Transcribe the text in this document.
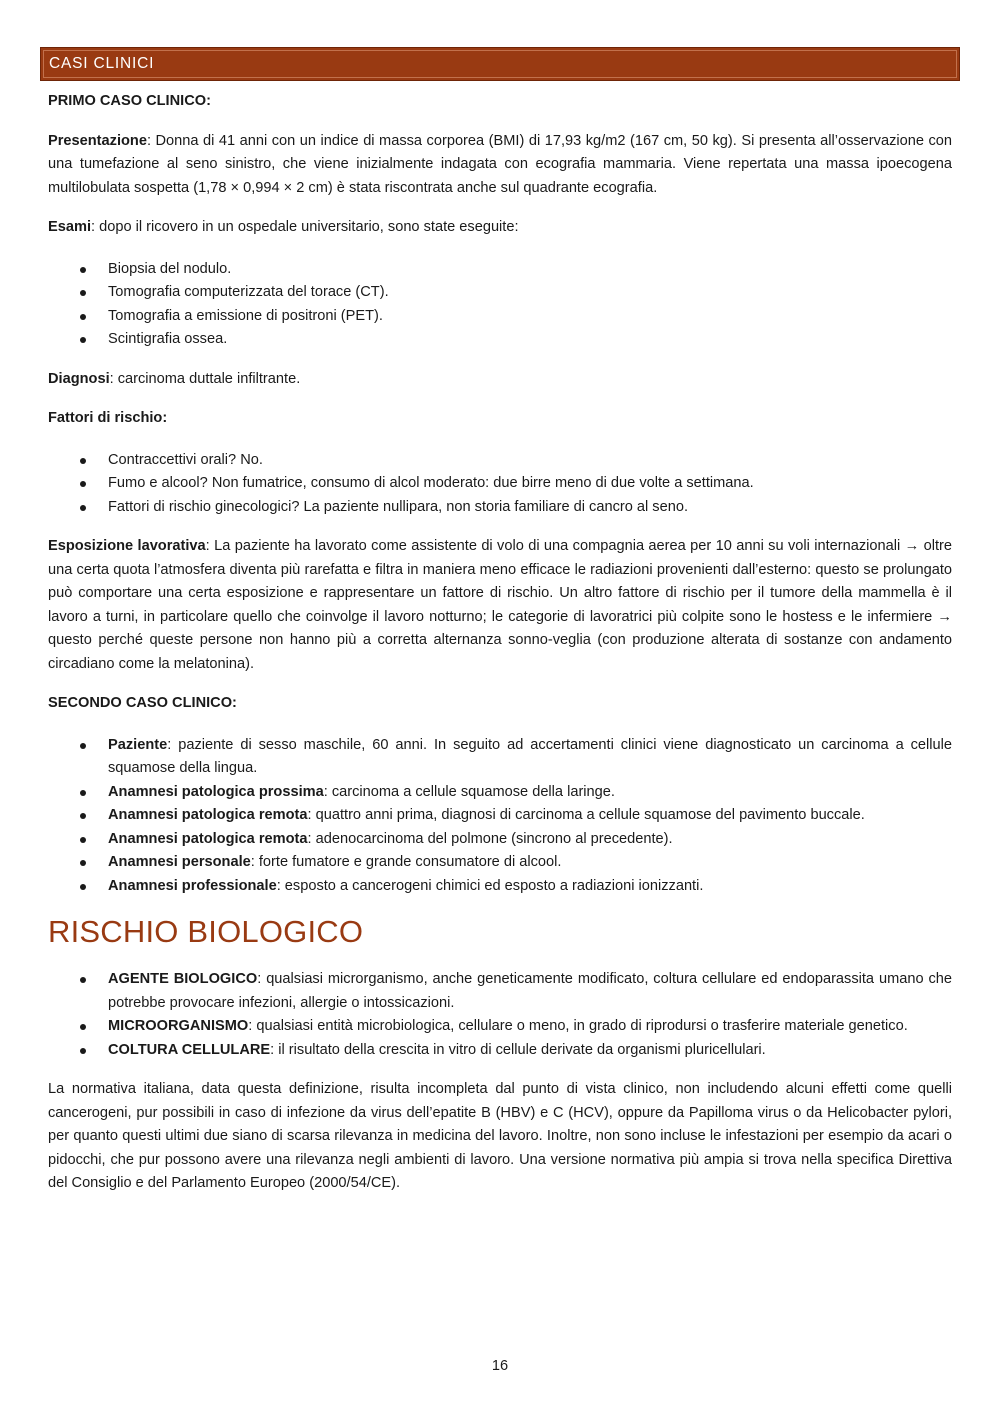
CASI CLINICI

PRIMO CASO CLINICO:

Presentazione: Donna di 41 anni con un indice di massa corporea (BMI) di 17,93 kg/m2 (167 cm, 50 kg). Si presenta all’osservazione con una tumefazione al seno sinistro, che viene inizialmente indagata con ecografia mammaria. Viene repertata una massa ipoecogena multilobulata sospetta (1,78 × 0,994 × 2 cm) è stata riscontrata anche sul quadrante ecografia.

Esami: dopo il ricovero in un ospedale universitario, sono state eseguite:

Biopsia del nodulo.
Tomografia computerizzata del torace (CT).
Tomografia a emissione di positroni (PET).
Scintigrafia ossea.

Diagnosi: carcinoma duttale infiltrante.

Fattori di rischio:

Contraccettivi orali? No.
Fumo e alcool? Non fumatrice, consumo di alcol moderato: due birre meno di due volte a settimana.
Fattori di rischio ginecologici? La paziente nullipara, non storia familiare di cancro al seno.

Esposizione lavorativa: La paziente ha lavorato come assistente di volo di una compagnia aerea per 10 anni su voli internazionali → oltre una certa quota l’atmosfera diventa più rarefatta e filtra in maniera meno efficace le radiazioni provenienti dall’esterno: questo se prolungato può comportare una certa esposizione e rappresentare un fattore di rischio. Un altro fattore di rischio per il tumore della mammella è il lavoro a turni, in particolare quello che coinvolge il lavoro notturno; le categorie di lavoratrici più colpite sono le hostess e le infermiere → questo perché queste persone non hanno più a corretta alternanza sonno-veglia (con produzione alterata di sostanze con andamento circadiano come la melatonina).

SECONDO CASO CLINICO:

Paziente: paziente di sesso maschile, 60 anni. In seguito ad accertamenti clinici viene diagnosticato un carcinoma a cellule squamose della lingua.
Anamnesi patologica prossima: carcinoma a cellule squamose della laringe.
Anamnesi patologica remota: quattro anni prima, diagnosi di carcinoma a cellule squamose del pavimento buccale.
Anamnesi patologica remota: adenocarcinoma del polmone (sincrono al precedente).
Anamnesi personale: forte fumatore e grande consumatore di alcool.
Anamnesi professionale: esposto a cancerogeni chimici ed esposto a radiazioni ionizzanti.
RISCHIO BIOLOGICO
AGENTE BIOLOGICO: qualsiasi microrganismo, anche geneticamente modificato, coltura cellulare ed endoparassita umano che potrebbe provocare infezioni, allergie o intossicazioni.
MICROORGANISMO: qualsiasi entità microbiologica, cellulare o meno, in grado di riprodursi o trasferire materiale genetico.
COLTURA CELLULARE: il risultato della crescita in vitro di cellule derivate da organismi pluricellulari.

La normativa italiana, data questa definizione, risulta incompleta dal punto di vista clinico, non includendo alcuni effetti come quelli cancerogeni, pur possibili in caso di infezione da virus dell’epatite B (HBV) e C (HCV), oppure da Papilloma virus o da Helicobacter pylori, per quanto questi ultimi due siano di scarsa rilevanza in medicina del lavoro. Inoltre, non sono incluse le infestazioni per esempio da acari o pidocchi, che pur possono avere una rilevanza negli ambienti di lavoro. Una versione normativa più ampia si trova nella specifica Direttiva del Consiglio e del Parlamento Europeo (2000/54/CE).

16
